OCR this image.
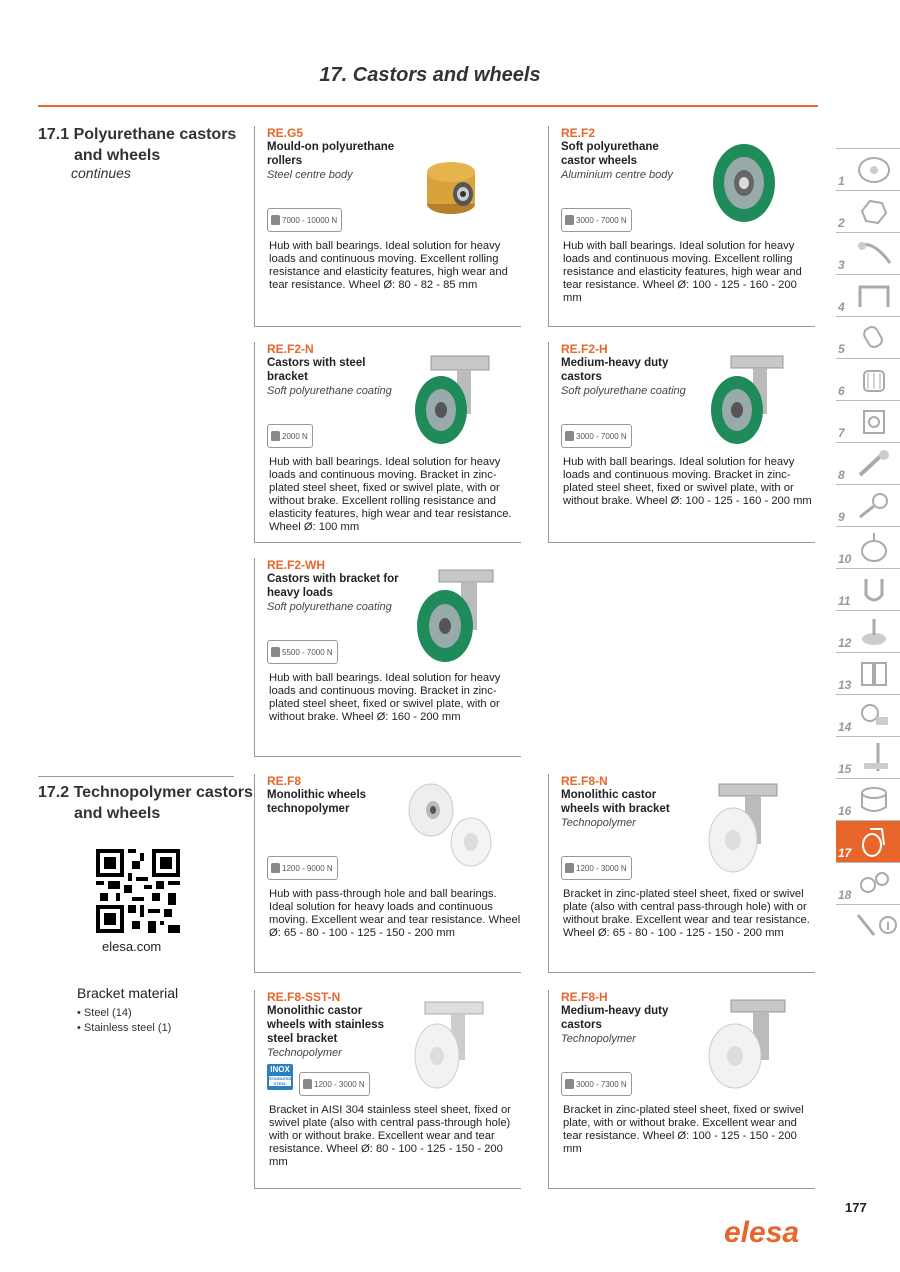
17. Castors and wheels
17.1 Polyurethane castors
and wheels
continues
17.2 Technopolymer castors
and wheels
elesa.com
Bracket material
• Steel (14)
• Stainless steel (1)
RE.G5
Mould-on polyurethane rollers
Steel centre body
7000 - 10000 N
Hub with ball bearings. Ideal solution for heavy loads and continuous moving. Excellent rolling resistance and elasticity features, high wear and tear resistance. Wheel Ø: 80 - 82 - 85 mm
RE.F2
Soft polyurethane castor wheels
Aluminium centre body
3000 - 7000 N
Hub with ball bearings. Ideal solution for heavy loads and continuous moving. Excellent rolling resistance and elasticity features, high wear and tear resistance. Wheel Ø: 100 - 125 - 160 - 200 mm
RE.F2-N
Castors with steel bracket
Soft polyurethane coating
2000 N
Hub with ball bearings. Ideal solution for heavy loads and continuous moving. Bracket in zinc-plated steel sheet, fixed or swivel plate, with or without brake. Excellent rolling resistance and elasticity features, high wear and tear resistance. Wheel Ø: 100 mm
RE.F2-H
Medium-heavy duty castors
Soft polyurethane coating
3000 - 7000 N
Hub with ball bearings. Ideal solution for heavy loads and continuous moving. Bracket in zinc-plated steel sheet, fixed or swivel plate, with or without brake. Wheel Ø: 100 - 125 - 160 - 200 mm
RE.F2-WH
Castors with bracket for heavy loads
Soft polyurethane coating
5500 - 7000 N
Hub with ball bearings. Ideal solution for heavy loads and continuous moving. Bracket in zinc-plated steel sheet, fixed or swivel plate, with or without brake. Wheel Ø: 160 - 200 mm
RE.F8
Monolithic wheels technopolymer
1200 - 9000 N
Hub with pass-through hole and ball bearings. Ideal solution for heavy loads and continuous moving. Excellent wear and tear resistance. Wheel Ø: 65 - 80 - 100 - 125 - 150 - 200 mm
RE.F8-N
Monolithic castor wheels with bracket
Technopolymer
1200 - 3000 N
Bracket in zinc-plated steel sheet, fixed or swivel plate (also with central pass-through hole) with or without brake. Excellent wear and tear resistance. Wheel Ø: 65 - 80 - 100 - 125 - 150 - 200 mm
RE.F8-SST-N
Monolithic castor wheels with stainless steel bracket
Technopolymer
INOX
STAINLESS STEEL	1200 - 3000 N
Bracket in AISI 304 stainless steel sheet, fixed or swivel plate (also with central pass-through hole) with or without brake. Excellent wear and tear resistance. Wheel Ø: 80 - 100 - 125 - 150 - 200 mm
RE.F8-H
Medium-heavy duty castors
Technopolymer
3000 - 7300 N
Bracket in zinc-plated steel sheet, fixed or swivel plate, with or without brake. Excellent wear and tear resistance. Wheel Ø: 100 - 125 - 150 - 200 mm
1
2
3
4
5
6
7
8
9
10
11
12
13
14
15
16
17
18
177
elesa
